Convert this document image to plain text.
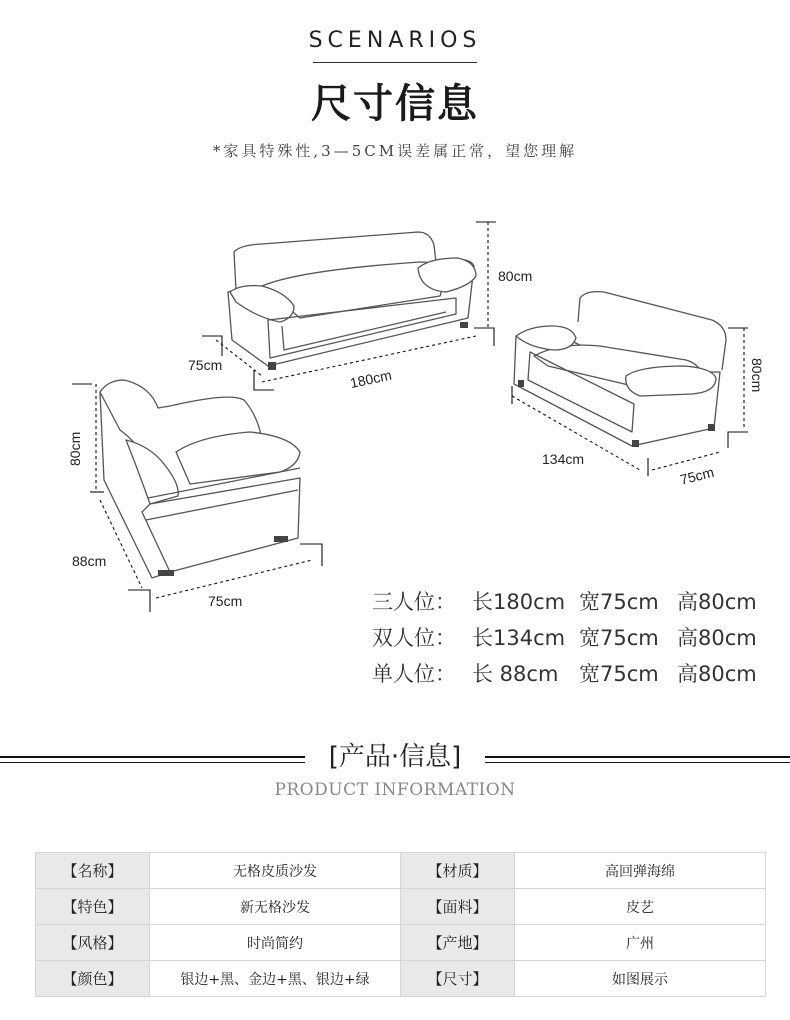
SCENARIOS
尺寸信息
*家具特殊性,3—5CM误差属正常，望您理解
80cm
75cm
180cm	80cm
134cm
75cm
80cm
88cm
75cm	三人位： 长180cm 宽75cm 高80cm
双人位： 长134cm 宽75cm 高80cm
单人位： 长 88cm 宽75cm 高80cm
[产品·信息]
PRODUCT INFORMATION
【名称】	无格皮质沙发	【材质】	高回弹海绵
【特色】	新无格沙发	【面料】	皮艺
【风格】	时尚简约	【产地】	广州
【颜色】	银边+黑、金边+黑、银边+绿	【尺寸】	如图展示
